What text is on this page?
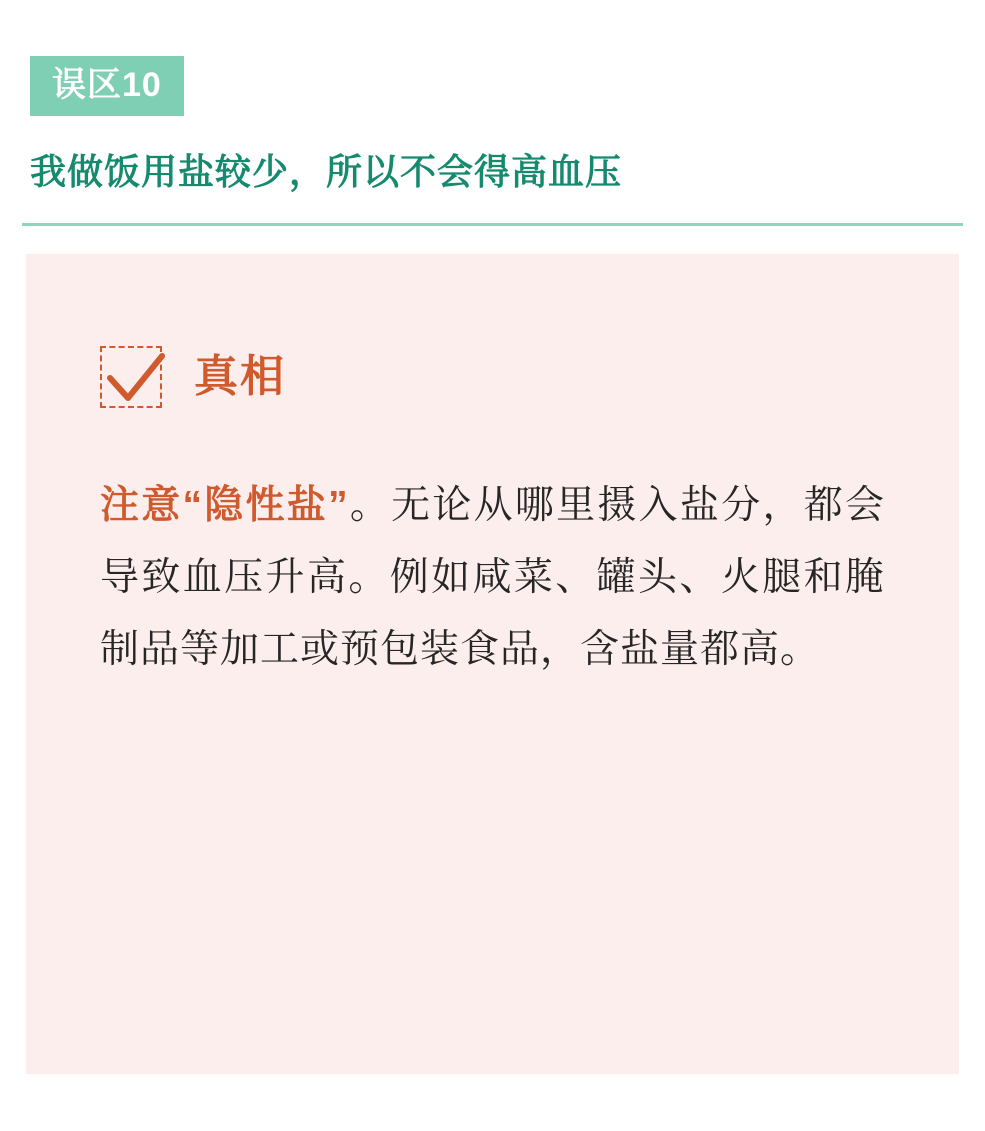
误区10
我做饭用盐较少，所以不会得高血压
真相
注意“隐性盐”。无论从哪里摄入盐分，都会导致血压升高。例如咸菜、罐头、火腿和腌制品等加工或预包装食品，含盐量都高。
